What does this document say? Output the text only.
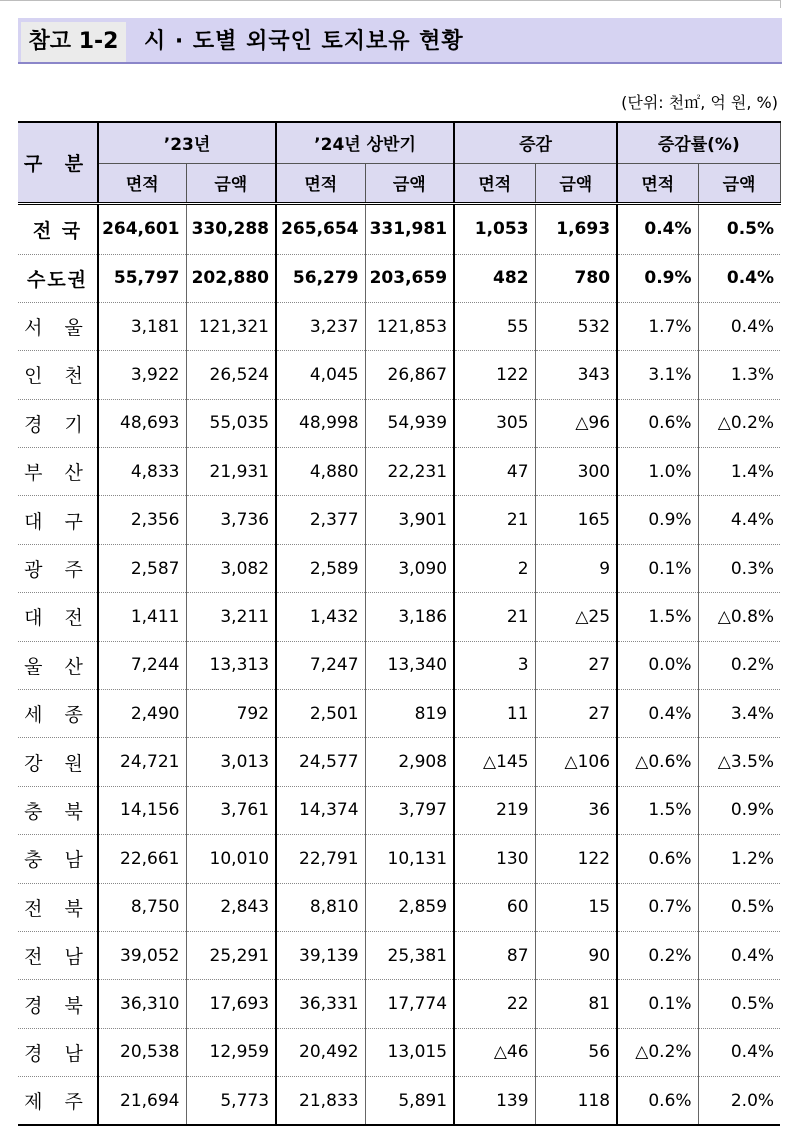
참고 1-2	시 · 도별 외국인 토지보유 현황
(단위: 천㎡, 억 원, %)
구 분	’23년		’24년 상반기		증감		증감률(%)	
	면적	금액	면적	금액	면적	금액	면적	금액
전 국	264,601	330,288	265,654	331,981	1,053	1,693	0.4%	0.5%
수도권	55,797	202,880	56,279	203,659	482	780	0.9%	0.4%
서 울	3,181	121,321	3,237	121,853	55	532	1.7%	0.4%
인 천	3,922	26,524	4,045	26,867	122	343	3.1%	1.3%
경 기	48,693	55,035	48,998	54,939	305	△96	0.6%	△0.2%
부 산	4,833	21,931	4,880	22,231	47	300	1.0%	1.4%
대 구	2,356	3,736	2,377	3,901	21	165	0.9%	4.4%
광 주	2,587	3,082	2,589	3,090	2	9	0.1%	0.3%
대 전	1,411	3,211	1,432	3,186	21	△25	1.5%	△0.8%
울 산	7,244	13,313	7,247	13,340	3	27	0.0%	0.2%
세 종	2,490	792	2,501	819	11	27	0.4%	3.4%
강 원	24,721	3,013	24,577	2,908	△145	△106	△0.6%	△3.5%
충 북	14,156	3,761	14,374	3,797	219	36	1.5%	0.9%
충 남	22,661	10,010	22,791	10,131	130	122	0.6%	1.2%
전 북	8,750	2,843	8,810	2,859	60	15	0.7%	0.5%
전 남	39,052	25,291	39,139	25,381	87	90	0.2%	0.4%
경 북	36,310	17,693	36,331	17,774	22	81	0.1%	0.5%
경 남	20,538	12,959	20,492	13,015	△46	56	△0.2%	0.4%
제 주	21,694	5,773	21,833	5,891	139	118	0.6%	2.0%
